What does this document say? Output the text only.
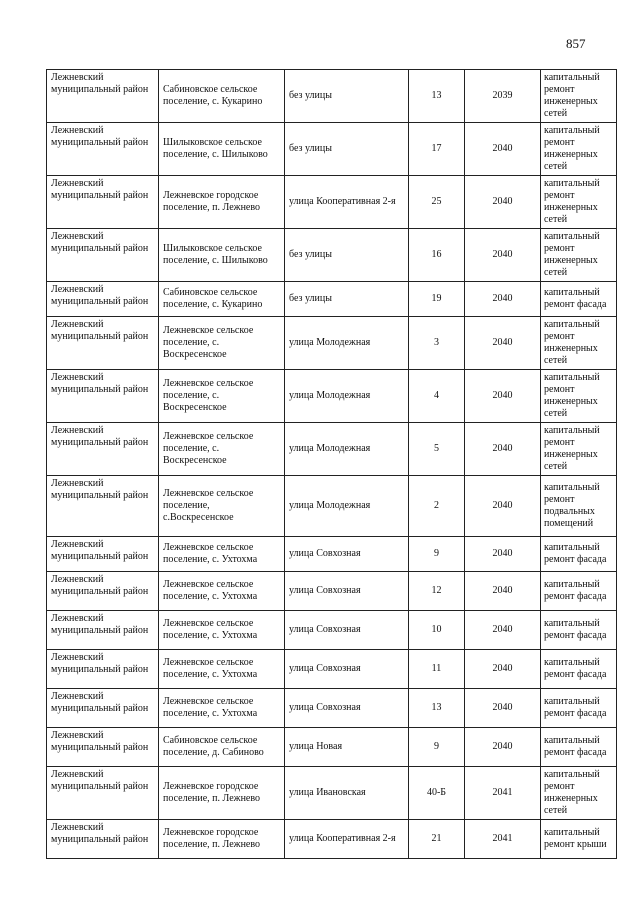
857
Лежневский муниципальный район	Сабиновское сельское поселение, с. Кукарино	без улицы	13	2039	капитальный ремонт инженерных сетей
Лежневский муниципальный район	Шилыковское сельское поселение, с. Шилыково	без улицы	17	2040	капитальный ремонт инженерных сетей
Лежневский муниципальный район	Лежневское городское поселение, п. Лежнево	улица Кооперативная 2-я	25	2040	капитальный ремонт инженерных сетей
Лежневский муниципальный район	Шилыковское сельское поселение, с. Шилыково	без улицы	16	2040	капитальный ремонт инженерных сетей
Лежневский муниципальный район	Сабиновское сельское поселение, с. Кукарино	без улицы	19	2040	капитальный ремонт фасада
Лежневский муниципальный район	Лежневское сельское поселение, с. Воскресенское	улица Молодежная	3	2040	капитальный ремонт инженерных сетей
Лежневский муниципальный район	Лежневское сельское поселение, с. Воскресенское	улица Молодежная	4	2040	капитальный ремонт инженерных сетей
Лежневский муниципальный район	Лежневское сельское поселение, с. Воскресенское	улица Молодежная	5	2040	капитальный ремонт инженерных сетей
Лежневский муниципальный район	Лежневское сельское поселение, с.Воскресенское	улица Молодежная	2	2040	капитальный ремонт подвальных помещений
Лежневский муниципальный район	Лежневское сельское поселение, с. Ухтохма	улица Совхозная	9	2040	капитальный ремонт фасада
Лежневский муниципальный район	Лежневское сельское поселение, с. Ухтохма	улица Совхозная	12	2040	капитальный ремонт фасада
Лежневский муниципальный район	Лежневское сельское поселение, с. Ухтохма	улица Совхозная	10	2040	капитальный ремонт фасада
Лежневский муниципальный район	Лежневское сельское поселение, с. Ухтохма	улица Совхозная	11	2040	капитальный ремонт фасада
Лежневский муниципальный район	Лежневское сельское поселение, с. Ухтохма	улица Совхозная	13	2040	капитальный ремонт фасада
Лежневский муниципальный район	Сабиновское сельское поселение, д. Сабиново	улица Новая	9	2040	капитальный ремонт фасада
Лежневский муниципальный район	Лежневское городское поселение, п. Лежнево	улица Ивановская	40-Б	2041	капитальный ремонт инженерных сетей
Лежневский муниципальный район	Лежневское городское поселение, п. Лежнево	улица Кооперативная 2-я	21	2041	капитальный ремонт крыши
